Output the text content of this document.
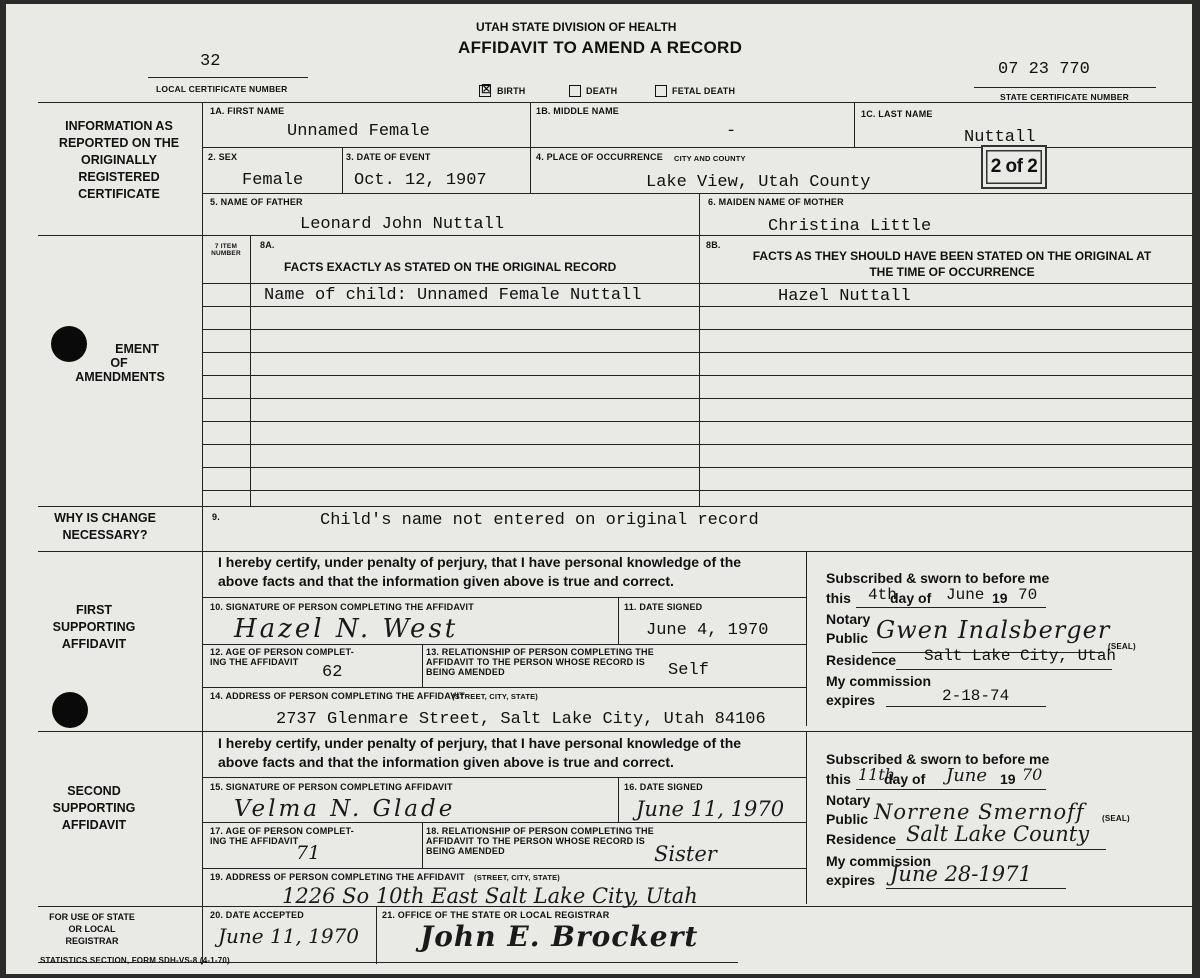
UTAH STATE DIVISION OF HEALTH
AFFIDAVIT TO AMEND A RECORD
32
LOCAL CERTIFICATE NUMBER	☒ BIRTH	DEATH	FETAL DEATH
07 23 770
STATE CERTIFICATE NUMBER
INFORMATION AS REPORTED ON THE ORIGINALLY REGISTERED CERTIFICATE
EMENT
OF
AMENDMENTS
WHY IS CHANGE NECESSARY?
FIRST SUPPORTING AFFIDAVIT
SECOND SUPPORTING AFFIDAVIT
FOR USE OF STATE OR LOCAL REGISTRAR
1A. FIRST NAME
Unnamed Female
1B. MIDDLE NAME
-
1C. LAST NAME
Nuttall
2. SEX
Female
3. DATE OF EVENT
Oct. 12, 1907
4. PLACE OF OCCURRENCE CITY AND COUNTY
Lake View, Utah County
2 of 2
5. NAME OF FATHER
Leonard John Nuttall
6. MAIDEN NAME OF MOTHER
Christina Little
7 ITEM NUMBER
8A.
FACTS EXACTLY AS STATED ON THE ORIGINAL RECORD
8B.
FACTS AS THEY SHOULD HAVE BEEN STATED ON THE ORIGINAL AT THE TIME OF OCCURRENCE
Name of child: Unnamed Female Nuttall	Hazel Nuttall
9.	Child's name not entered on original record
I hereby certify, under penalty of perjury, that I have personal knowledge of the above facts and that the information given above is true and correct.
10. SIGNATURE OF PERSON COMPLETING THE AFFIDAVIT
Hazel N. West
11. DATE SIGNED
June 4, 1970
12. AGE OF PERSON COMPLET-
ING THE AFFIDAVIT
62
13. RELATIONSHIP OF PERSON COMPLETING THE
AFFIDAVIT TO THE PERSON WHOSE RECORD IS
BEING AMENDED	Self
14. ADDRESS OF PERSON COMPLETING THE AFFIDAVIT
(STREET, CITY, STATE)
2737 Glenmare Street, Salt Lake City, Utah 84106
Subscribed & sworn to before me
this 4th
day of June 19 70
Notary Public Gwen Inalsberger
(SEAL)
Residence Salt Lake City, Utah
My commission expires	2-18-74
I hereby certify, under penalty of perjury, that I have personal knowledge of the above facts and that the information given above is true and correct.
15. SIGNATURE OF PERSON COMPLETING AFFIDAVIT
Velma N. Glade
16. DATE SIGNED
June 11, 1970
17. AGE OF PERSON COMPLET-
ING THE AFFIDAVIT
71
18. RELATIONSHIP OF PERSON COMPLETING THE
AFFIDAVIT TO THE PERSON WHOSE RECORD IS
BEING AMENDED	Sister
19. ADDRESS OF PERSON COMPLETING THE AFFIDAVIT (STREET, CITY, STATE)
1226 So 10th East Salt Lake City, Utah
Subscribed & sworn to before me
this 11th
day of June 19 70
Notary Public Norrene Smernoff (SEAL)
Residence Salt Lake County
My commission expires June 28-1971
20. DATE ACCEPTED
June 11, 1970
21. OFFICE OF THE STATE OR LOCAL REGISTRAR
John E. Brockert
STATISTICS SECTION, FORM SDH-VS-8 (4-1-70)
